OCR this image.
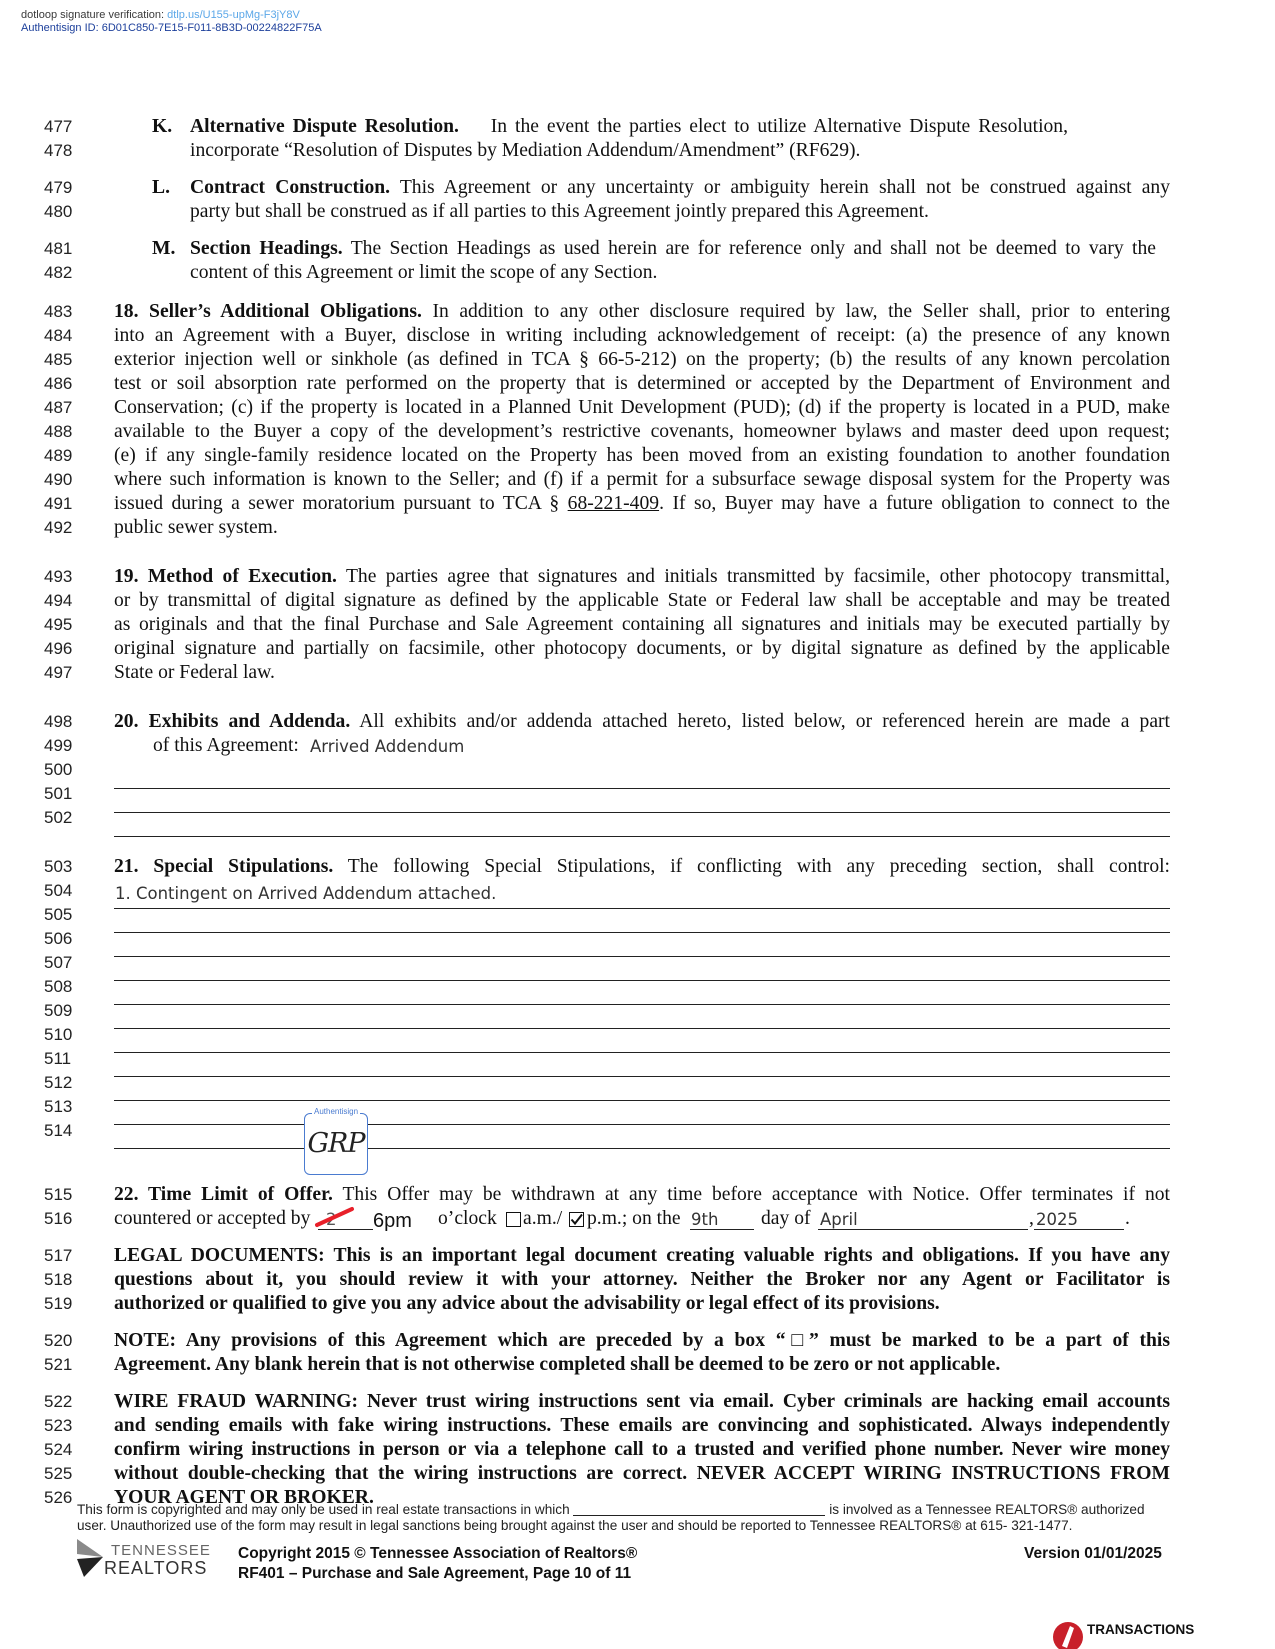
dotloop signature verification: dtlp.us/U155-upMg-F3jY8V
Authentisign ID: 6D01C850-7E15-F011-8B3D-00224822F75A
477
478
479
480
481
482
483
484
485
486
487
488
489
490
491
492
493
494
495
496
497
498
499
500
501
502
503
504
505
506
507
508
509
510
511
512
513
514
515
516
517
518
519
520
521
522
523
524
525
526
K. Alternative Dispute Resolution. In the event the parties elect to utilize Alternative Dispute Resolution,
incorporate “Resolution of Disputes by Mediation Addendum/Amendment” (RF629).
L. Contract Construction. This Agreement or any uncertainty or ambiguity herein shall not be construed against any
party but shall be construed as if all parties to this Agreement jointly prepared this Agreement.
M. Section Headings. The Section Headings as used herein are for reference only and shall not be deemed to vary the
content of this Agreement or limit the scope of any Section.
18. Seller’s Additional Obligations. In addition to any other disclosure required by law, the Seller shall, prior to entering
into an Agreement with a Buyer, disclose in writing including acknowledgement of receipt: (a) the presence of any known
exterior injection well or sinkhole (as defined in TCA § 66-5-212) on the property; (b) the results of any known percolation
test or soil absorption rate performed on the property that is determined or accepted by the Department of Environment and
Conservation; (c) if the property is located in a Planned Unit Development (PUD); (d) if the property is located in a PUD, make
available to the Buyer a copy of the development’s restrictive covenants, homeowner bylaws and master deed upon request;
(e) if any single-family residence located on the Property has been moved from an existing foundation to another foundation
where such information is known to the Seller; and (f) if a permit for a subsurface sewage disposal system for the Property was
issued during a sewer moratorium pursuant to TCA § 68-221-409. If so, Buyer may have a future obligation to connect to the
public sewer system.
19. Method of Execution. The parties agree that signatures and initials transmitted by facsimile, other photocopy transmittal,
or by transmittal of digital signature as defined by the applicable State or Federal law shall be acceptable and may be treated
as originals and that the final Purchase and Sale Agreement containing all signatures and initials may be executed partially by
original signature and partially on facsimile, other photocopy documents, or by digital signature as defined by the applicable
State or Federal law.
20. Exhibits and Addenda. All exhibits and/or addenda attached hereto, listed below, or referenced herein are made a part
of this Agreement: Arrived Addendum
21. Special Stipulations. The following Special Stipulations, if conflicting with any preceding section, shall control:
1. Contingent on Arrived Addendum attached.
Authentisign
GRP
22. Time Limit of Offer. This Offer may be withdrawn at any time before acceptance with Notice. Offer terminates if not
countered or accepted by 2 6pm o’clock a.m./ p.m.; on the 9th day of April	, 2025 .
LEGAL DOCUMENTS: This is an important legal document creating valuable rights and obligations. If you have any
questions about it, you should review it with your attorney. Neither the Broker nor any Agent or Facilitator is
authorized or qualified to give you any advice about the advisability or legal effect of its provisions.
NOTE: Any provisions of this Agreement which are preceded by a box “□” must be marked to be a part of this
Agreement. Any blank herein that is not otherwise completed shall be deemed to be zero or not applicable.
WIRE FRAUD WARNING: Never trust wiring instructions sent via email. Cyber criminals are hacking email accounts
and sending emails with fake wiring instructions. These emails are convincing and sophisticated. Always independently
confirm wiring instructions in person or via a telephone call to a trusted and verified phone number. Never wire money
without double-checking that the wiring instructions are correct. NEVER ACCEPT WIRING INSTRUCTIONS FROM
YOUR AGENT OR BROKER.
This form is copyrighted and may only be used in real estate transactions in which	is involved as a Tennessee REALTORS® authorized
user. Unauthorized use of the form may result in legal sanctions being brought against the user and should be reported to Tennessee REALTORS® at 615- 321-1477.
TENNESSEE
REALTORS
Copyright 2015 © Tennessee Association of Realtors®
RF401 – Purchase and Sale Agreement, Page 10 of 11
Version 01/01/2025
TRANSACTIONS
